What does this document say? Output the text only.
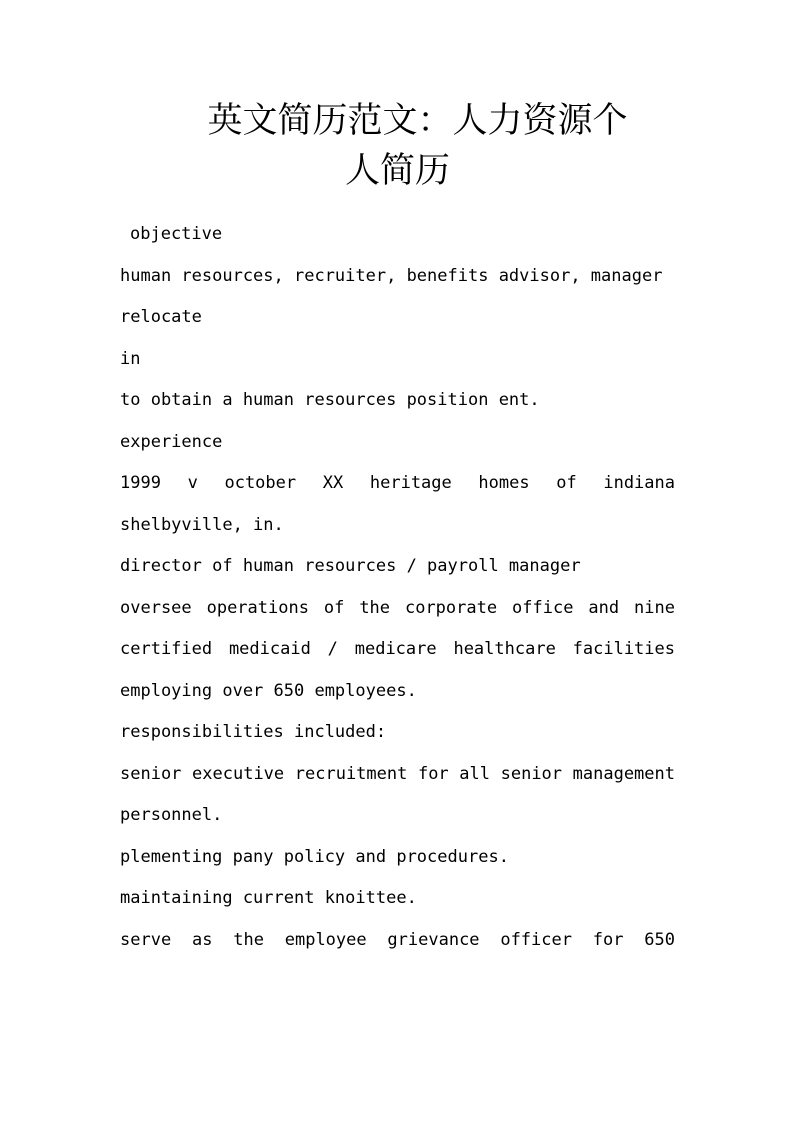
英文简历范文：人力资源个
人简历

objective

human resources, recruiter, benefits advisor, manager

relocate

in

to obtain a human resources position ent.

experience

1999 v october XX heritage homes of indiana shelbyville, in.

director of human resources / payroll manager

oversee operations of the corporate office and nine certified medicaid / medicare healthcare facilities employing over 650 employees.

responsibilities included:

senior executive recruitment for all senior management personnel.

plementing pany policy and procedures.

maintaining current knoittee.

serve as the employee grievance officer for 650
